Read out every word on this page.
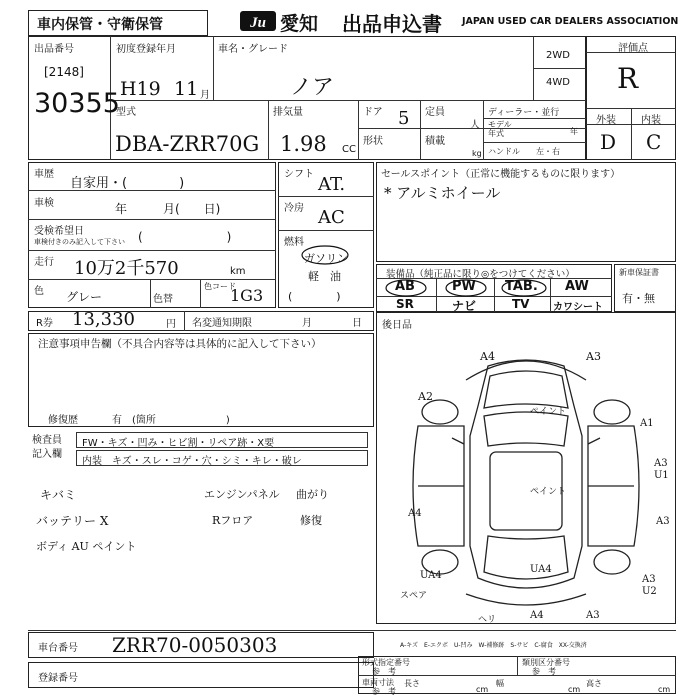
車内保管・守衛保管	Ju 愛知 出品申込書 JAPAN USED CAR DEALERS ASSOCIATION
出品番号
[2148]
30355
初度登録年月
H19 11 月
車名・グレード
ノア
2WD
4WD
型式
DBA-ZRR70G
排気量
1.98 CC
ドア 5
形状
定員
人
積載
kg
ディーラー・並行
モデル
年式	年
ハンドル 左・右
評価点
R
外装	内装
D C
車歴
自家用・(　　　　)
車検	年　　　月(　　日)
受検希望日
車検付きのみ記入して下さい (　　　　　　　)
走行 10万2千570	km
色 グレー	色替
色コード
1G3
シフト AT.
冷房 AC
燃料
ガソリン
軽　油
(　　　　)
セールスポイント（正常に機能するものに限ります）
* アルミホイール
装備品（純正品に限り◎をつけてください）
AB	PW TAB. AW
SR	ナビ	TV カワシート
新車保証書
有・無
R券 13,330	円 名変通知期限	月	日 後日品
注意事項申告欄（不具合内容等は具体的に記入して下さい）
修復歴	有　(箇所　　　　　　　)
検査員
記入欄
FW・キズ・凹み・ヒビ割・リペア跡・X要
内装 キズ・スレ・コゲ・穴・シミ・キレ・破レ
キバミ
バッテリー X
ボディ AU ペイント
エンジンパネル 曲がり
Rフロア	修復
A4	A3
A2
ペイント
A1
A3
U1
A3
A4
ペイント
UA4
UA4
A3
U2
スペア
ヘリ	A4	A3
A-キズ　E-エクボ　U-凹み　W-補修跡　S-サビ　C-腐食　XX-交換済
車台番号 ZRR70-0050303
登録番号
形式指定番号
参　考
類別区分番号
参　考
車両寸法
参　考
長さ
cm
幅
cm
高さ
cm
